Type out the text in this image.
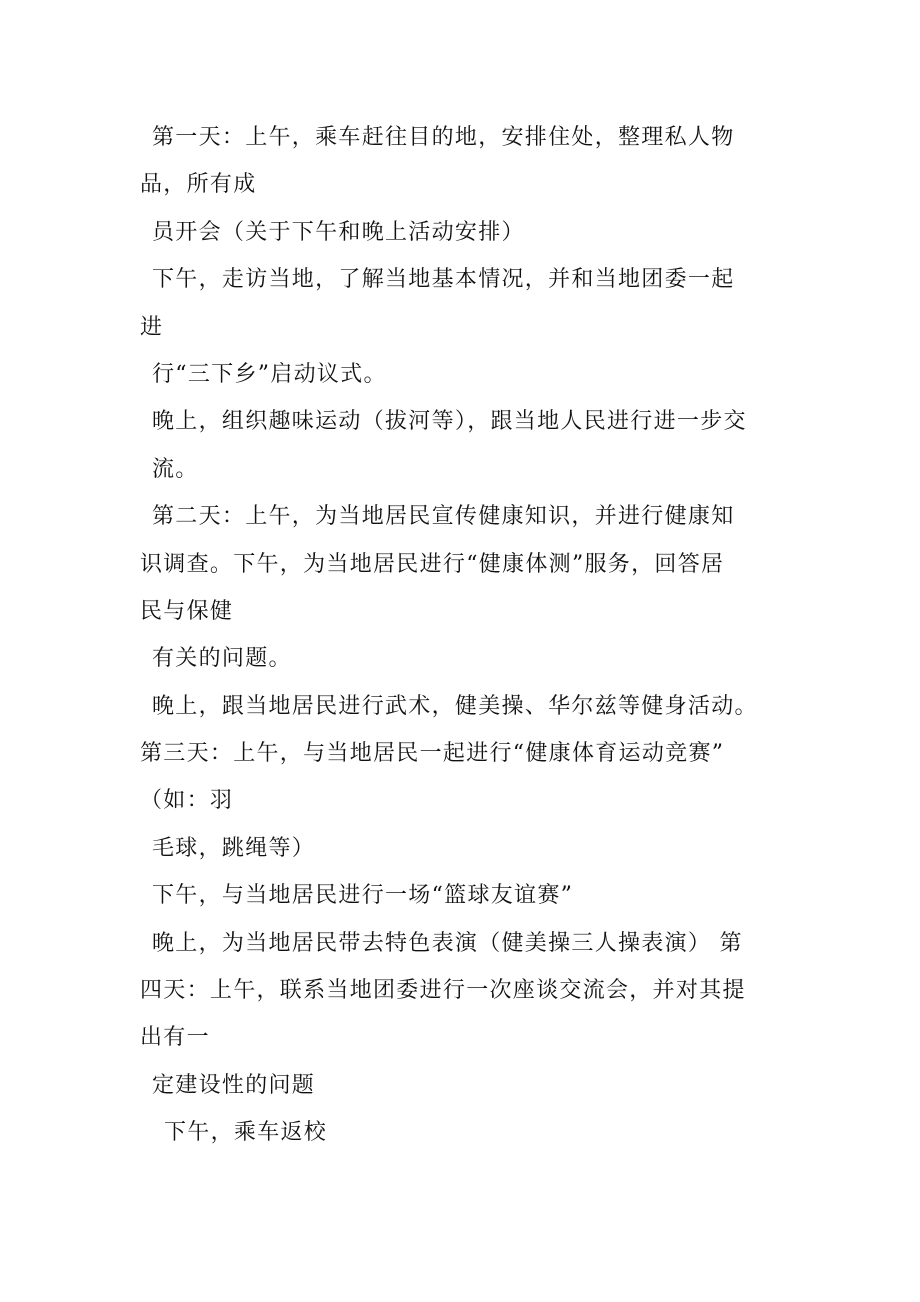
第一天：上午，乘车赶往目的地，安排住处，整理私人物
品，所有成
员开会（关于下午和晚上活动安排）
下午，走访当地，了解当地基本情况，并和当地团委一起
进
行“三下乡”启动议式。
晚上，组织趣味运动（拔河等），跟当地人民进行进一步交
流。
第二天：上午，为当地居民宣传健康知识，并进行健康知
识调查。下午，为当地居民进行“健康体测”服务，回答居
民与保健
有关的问题。
晚上，跟当地居民进行武术，健美操、华尔兹等健身活动。
第三天：上午，与当地居民一起进行“健康体育运动竞赛”
（如：羽
毛球，跳绳等）
下午，与当地居民进行一场“篮球友谊赛”
晚上，为当地居民带去特色表演（健美操三人操表演） 第
四天：上午，联系当地团委进行一次座谈交流会，并对其提
出有一
定建设性的问题
下午，乘车返校
